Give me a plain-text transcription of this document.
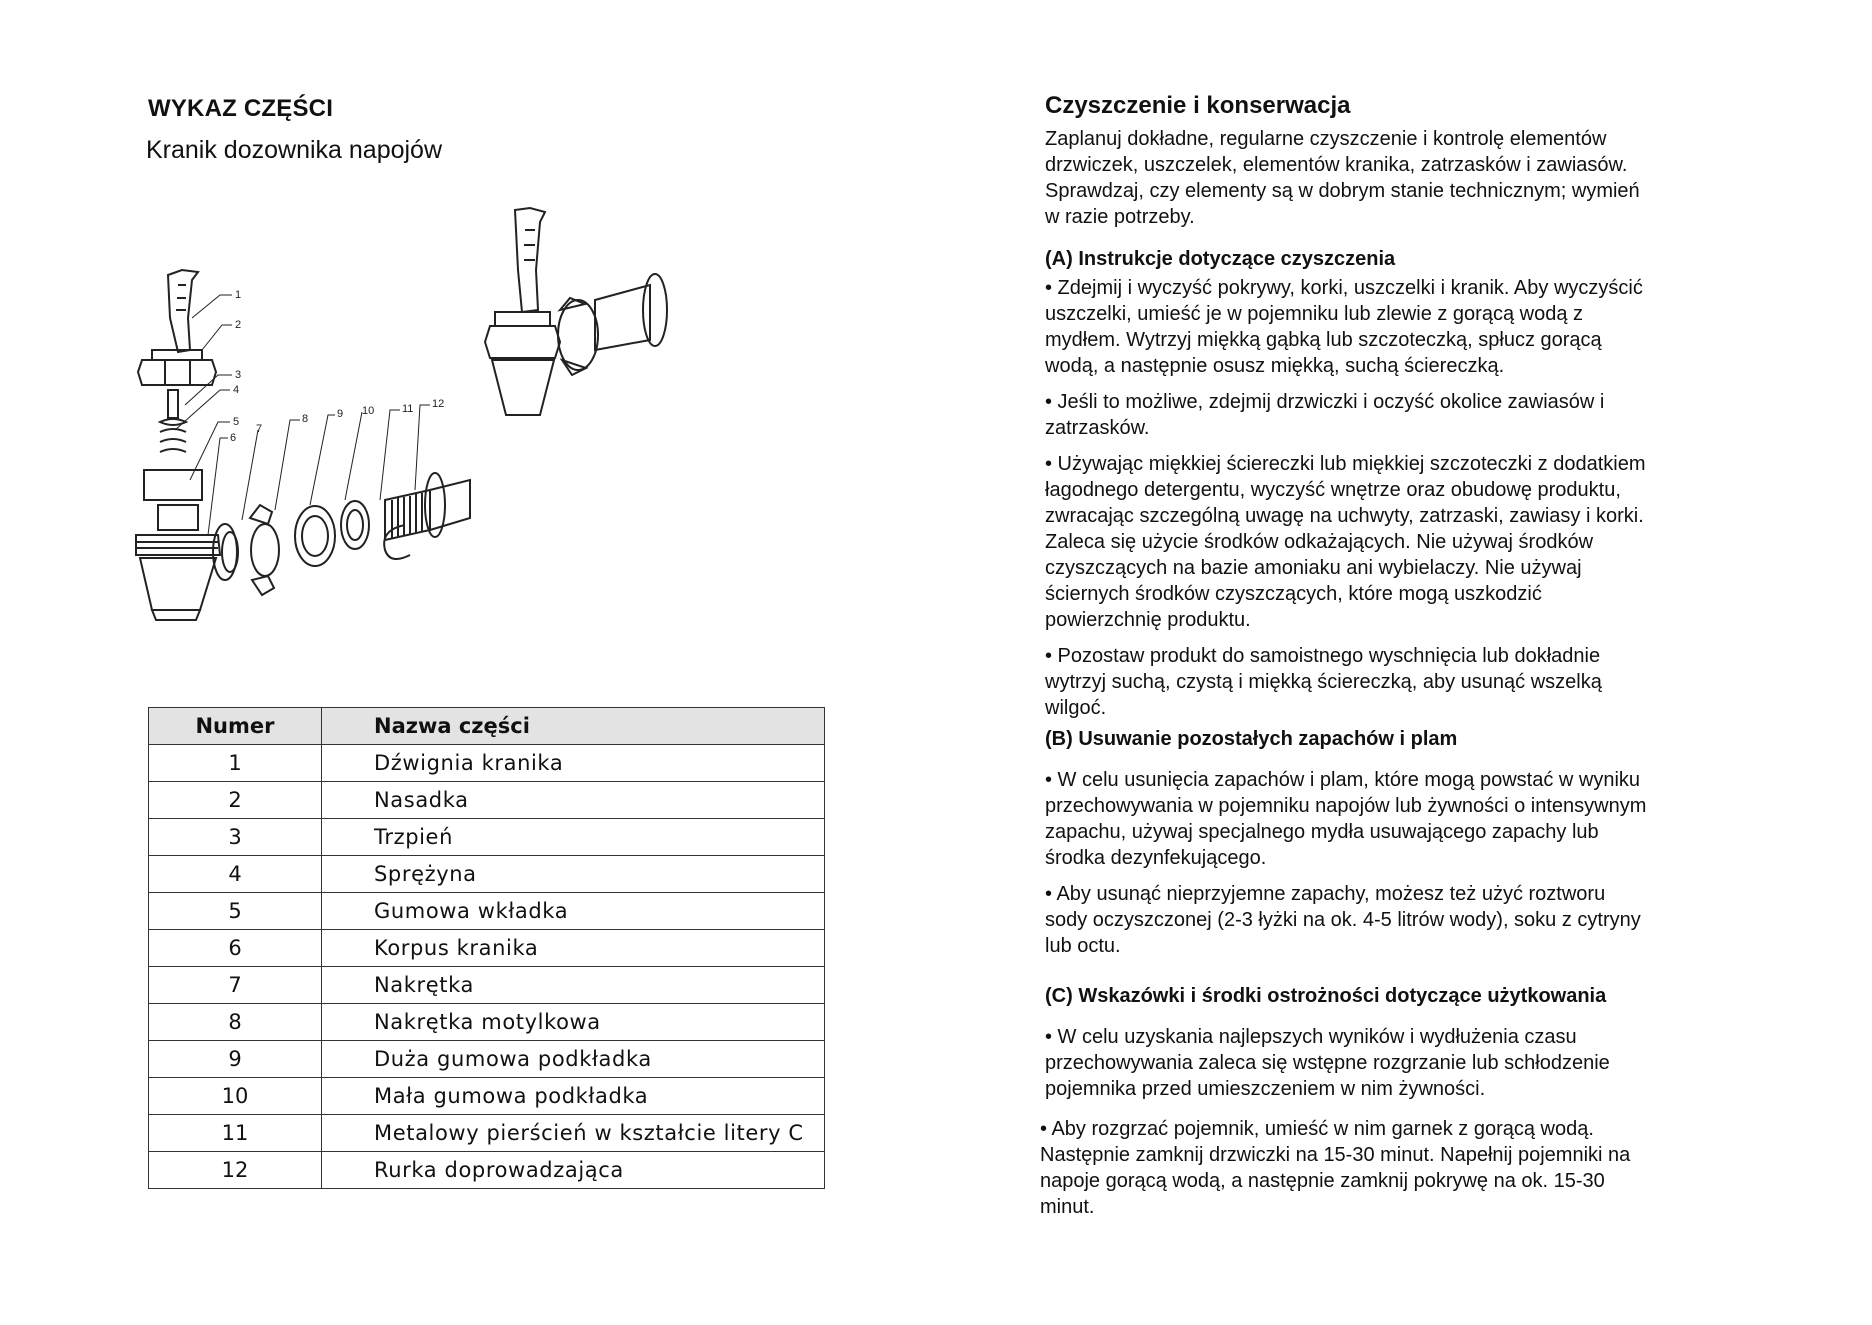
WYKAZ CZĘŚCI
Kranik dozownika napojów
1
2
3
4
5
6
7
8	9 10	11 12
Numer	Nazwa części
1	Dźwignia kranika
2	Nasadka
3	Trzpień
4	Sprężyna
5	Gumowa wkładka
6	Korpus kranika
7	Nakrętka
8	Nakrętka motylkowa
9	Duża gumowa podkładka
10	Mała gumowa podkładka
11	Metalowy pierścień w kształcie litery C
12	Rurka doprowadzająca
Czyszczenie i konserwacja

Zaplanuj dokładne, regularne czyszczenie i kontrolę elementów

drzwiczek, uszczelek, elementów kranika, zatrzasków i zawiasów.

Sprawdzaj, czy elementy są w dobrym stanie technicznym; wymień

w razie potrzeby.

(A) Instrukcje dotyczące czyszczenia

• Zdejmij i wyczyść pokrywy, korki, uszczelki i kranik. Aby wyczyścić

uszczelki, umieść je w pojemniku lub zlewie z gorącą wodą z

mydłem. Wytrzyj miękką gąbką lub szczoteczką, spłucz gorącą

wodą, a następnie osusz miękką, suchą ściereczką.

• Jeśli to możliwe, zdejmij drzwiczki i oczyść okolice zawiasów i

zatrzasków.

• Używając miękkiej ściereczki lub miękkiej szczoteczki z dodatkiem

łagodnego detergentu, wyczyść wnętrze oraz obudowę produktu,

zwracając szczególną uwagę na uchwyty, zatrzaski, zawiasy i korki.

Zaleca się użycie środków odkażających. Nie używaj środków

czyszczących na bazie amoniaku ani wybielaczy. Nie używaj

ściernych środków czyszczących, które mogą uszkodzić

powierzchnię produktu.

• Pozostaw produkt do samoistnego wyschnięcia lub dokładnie

wytrzyj suchą, czystą i miękką ściereczką, aby usunąć wszelką

wilgoć.

(B) Usuwanie pozostałych zapachów i plam

• W celu usunięcia zapachów i plam, które mogą powstać w wyniku

przechowywania w pojemniku napojów lub żywności o intensywnym

zapachu, używaj specjalnego mydła usuwającego zapachy lub

środka dezynfekującego.

• Aby usunąć nieprzyjemne zapachy, możesz też użyć roztworu

sody oczyszczonej (2-3 łyżki na ok. 4-5 litrów wody), soku z cytryny

lub octu.

(C) Wskazówki i środki ostrożności dotyczące użytkowania

• W celu uzyskania najlepszych wyników i wydłużenia czasu

przechowywania zaleca się wstępne rozgrzanie lub schłodzenie

pojemnika przed umieszczeniem w nim żywności.

• Aby rozgrzać pojemnik, umieść w nim garnek z gorącą wodą.

Następnie zamknij drzwiczki na 15-30 minut. Napełnij pojemniki na

napoje gorącą wodą, a następnie zamknij pokrywę na ok. 15-30

minut.
